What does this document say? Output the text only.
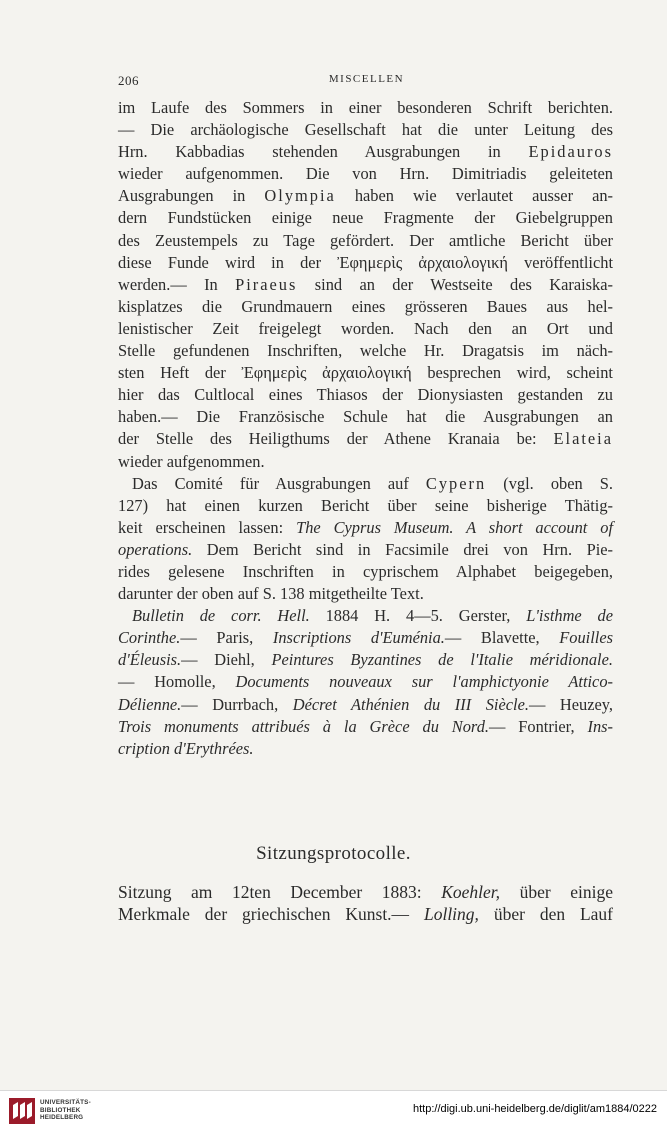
206	MISCELLEN
im Laufe des Sommers in einer besonderen Schrift berichten.
— Die archäologische Gesellschaft hat die unter Leitung des
Hrn. Kabbadias stehenden Ausgrabungen in Epidauros
wieder aufgenommen. Die von Hrn. Dimitriadis geleiteten
Ausgrabungen in Olympia haben wie verlautet ausser an-
dern Fundstücken einige neue Fragmente der Giebelgruppen
des Zeustempels zu Tage gefördert. Der amtliche Bericht über
diese Funde wird in der Ἐφημερὶς ἀρχαιολογική veröffentlicht
werden.— In Piraeus sind an der Westseite des Karaiska-
kisplatzes die Grundmauern eines grösseren Baues aus hel-
lenistischer Zeit freigelegt worden. Nach den an Ort und
Stelle gefundenen Inschriften, welche Hr. Dragatsis im näch-
sten Heft der Ἐφημερὶς ἀρχαιολογική besprechen wird, scheint
hier das Cultlocal eines Thiasos der Dionysiasten gestanden zu
haben.— Die Französische Schule hat die Ausgrabungen an
der Stelle des Heiligthums der Athene Kranaia be: Elateia
wieder aufgenommen.
Das Comité für Ausgrabungen auf Cypern (vgl. oben S.
127) hat einen kurzen Bericht über seine bisherige Thätig-
keit erscheinen lassen: The Cyprus Museum. A short account of
operations. Dem Bericht sind in Facsimile drei von Hrn. Pie-
rides gelesene Inschriften in cyprischem Alphabet beigegeben,
darunter der oben auf S. 138 mitgetheilte Text.
Bulletin de corr. Hell. 1884 H. 4—5. Gerster, L'isthme de
Corinthe.— Paris, Inscriptions d'Euménia.— Blavette, Fouilles
d'Éleusis.— Diehl, Peintures Byzantines de l'Italie méridionale.
— Homolle, Documents nouveaux sur l'amphictyonie Attico-
Délienne.— Durrbach, Décret Athénien du III Siècle.— Heuzey,
Trois monuments attribués à la Grèce du Nord.— Fontrier, Ins-
cription d'Erythrées.
Sitzungsprotocolle.
Sitzung am 12ten December 1883: Koehler, über einige
Merkmale der griechischen Kunst.— Lolling, über den Lauf
UNIVERSITÄTS-
BIBLIOTHEK
HEIDELBERG
http://digi.ub.uni-heidelberg.de/diglit/am1884/0222
